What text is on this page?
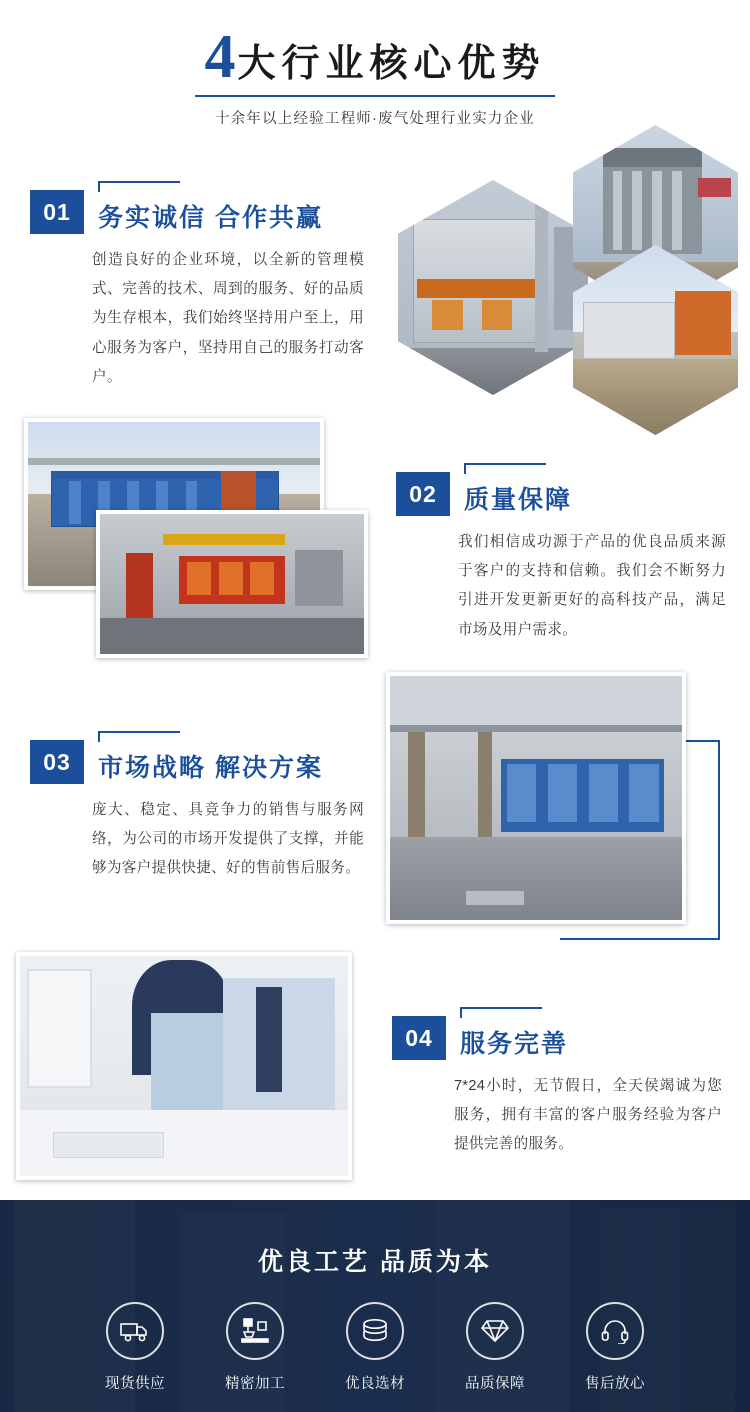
4 大行业核心优势
十余年以上经验工程师·废气处理行业实力企业
01	务实诚信 合作共赢
创造良好的企业环境，以全新的管理模式、完善的技术、周到的服务、好的品质为生存根本，我们始终坚持用户至上，用心服务为客户，坚持用自己的服务打动客户。
02	质量保障
我们相信成功源于产品的优良品质来源于客户的支持和信赖。我们会不断努力引进开发更新更好的高科技产品，满足市场及用户需求。
03	市场战略 解决方案
庞大、稳定、具竞争力的销售与服务网络，为公司的市场开发提供了支撑，并能够为客户提供快捷、好的售前售后服务。
04	服务完善
7*24小时，无节假日，全天侯竭诚为您服务，拥有丰富的客户服务经验为客户提供完善的服务。
优良工艺 品质为本
现货供应	精密加工	优良选材	品质保障	售后放心
